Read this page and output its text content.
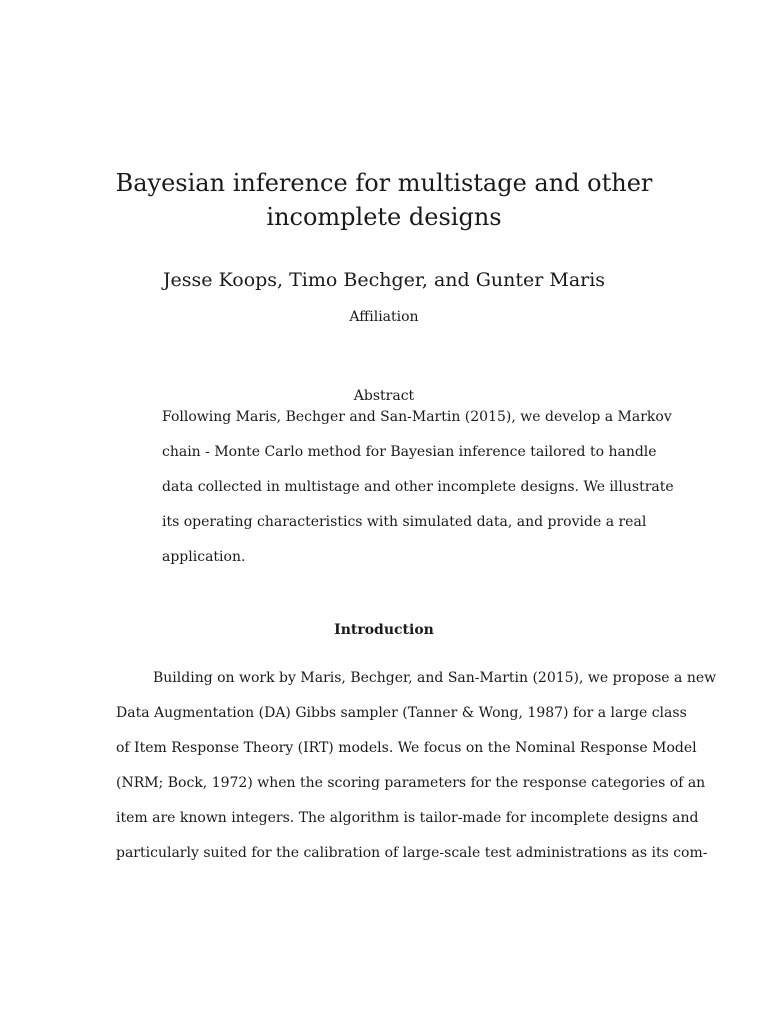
Bayesian inference for multistage and other
incomplete designs

Jesse Koops, Timo Bechger, and Gunter Maris

Affiliation

Abstract

Following Maris, Bechger and San-Martin (2015), we develop a Markov
chain - Monte Carlo method for Bayesian inference tailored to handle
data collected in multistage and other incomplete designs. We illustrate
its operating characteristics with simulated data, and provide a real
application.
Introduction
Building on work by Maris, Bechger, and San-Martin (2015), we propose a new
Data Augmentation (DA) Gibbs sampler (Tanner & Wong, 1987) for a large class
of Item Response Theory (IRT) models. We focus on the Nominal Response Model
(NRM; Bock, 1972) when the scoring parameters for the response categories of an
item are known integers. The algorithm is tailor-made for incomplete designs and
particularly suited for the calibration of large-scale test administrations as its com-
